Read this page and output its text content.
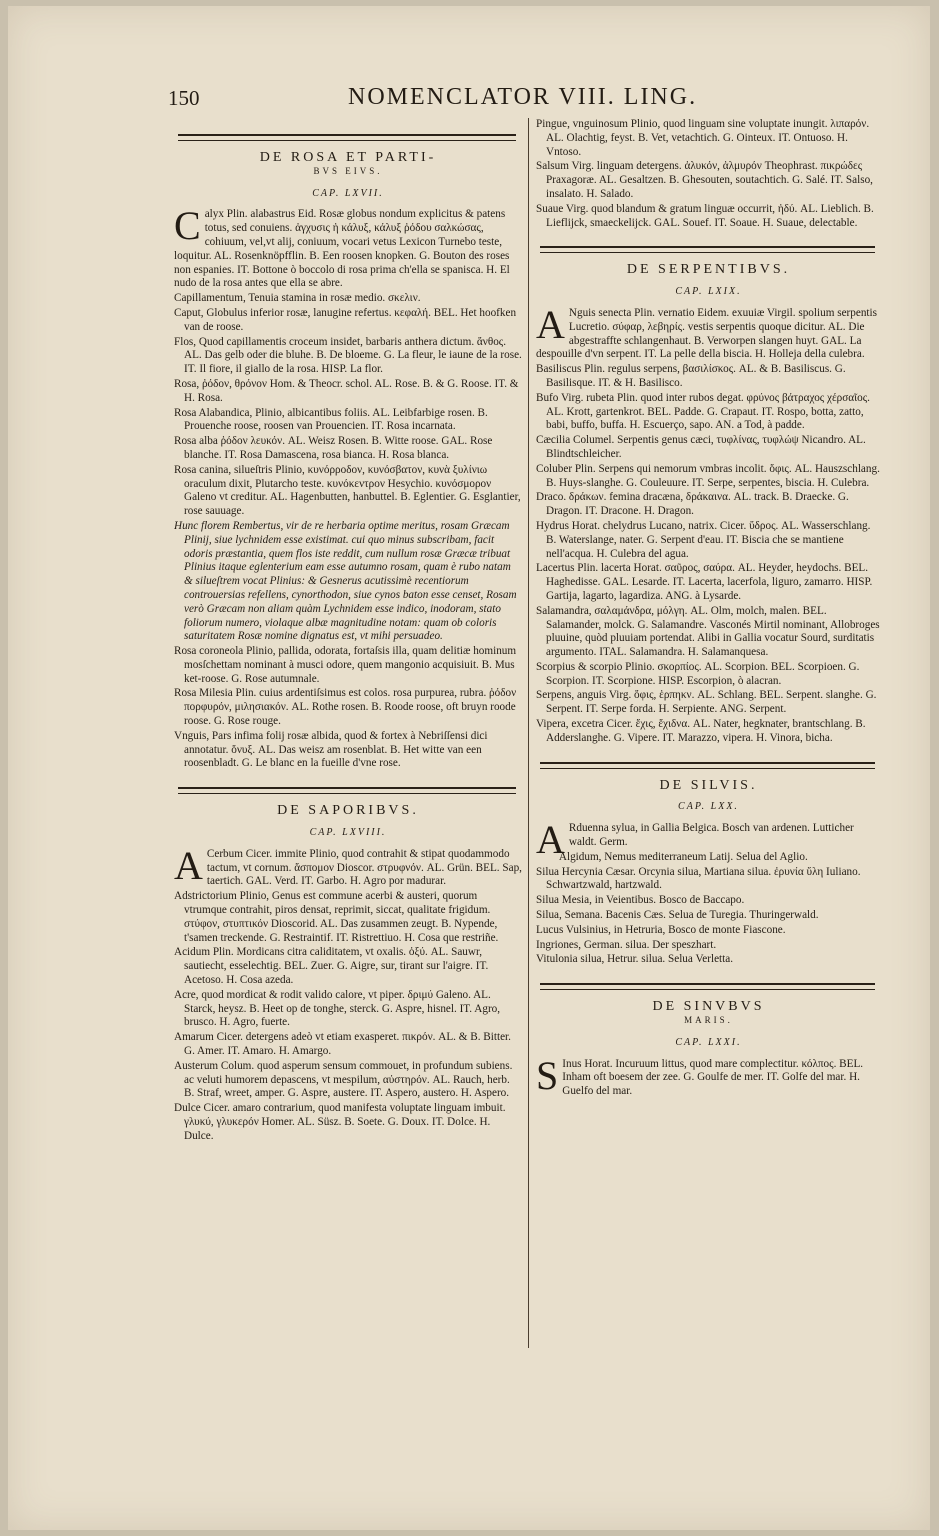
150	NOMENCLATOR VIII. LING.
DE ROSA ET PARTI-
BVS EIVS.
CAP. LXVII.
C alyx Plin. alabastrus Eid. Rosæ globus nondum explicitus & patens totus, sed conuiens. ἀγχυσις ἡ κάλυξ, κάλυξ ῥόδου σαλκώσας, cohiuum, vel,vt alij, coniuum, vocari vetus Lexicon Turnebo teste, loquitur. AL. Rosenknöpfflin. B. Een roosen knopken. G. Bouton des roses non espanies. IT. Bottone ò boccolo di rosa prima ch'ella se spanisca. H. El nudo de la rosa antes que ella se abre.
Capillamentum, Tenuia stamina in rosæ medio. σκελιν.
Caput, Globulus inferior rosæ, lanugine refertus. κεφαλή. BEL. Het hoofken van de roose.
Flos, Quod capillamentis croceum insidet, barbaris anthera dictum. ἄνθος. AL. Das gelb oder die bluhe. B. De bloeme. G. La fleur, le iaune de la rose. IT. Il fiore, il giallo de la rosa. HISP. La flor.
Rosa, ῥόδον, θρόνον Hom. & Theocr. schol. AL. Rose. B. & G. Roose. IT. & H. Rosa.
Rosa Alabandica, Plinio, albicantibus foliis. AL. Leibfarbige rosen. B. Prouenche roose, roosen van Prouencien. IT. Rosa incarnata.
Rosa alba ῥόδον λευκόν. AL. Weisz Rosen. B. Witte roose. GAL. Rose blanche. IT. Rosa Damascena, rosa bianca. H. Rosa blanca.
Rosa canina, silueſtris Plinio, κυνόρροδον, κυνόσβατον, κυνὰ ξυλίνιω oraculum dixit, Plutarcho teste. κυνόκεντρον Hesychio. κυνόσμορον Galeno vt creditur. AL. Hagenbutten, hanbuttel. B. Eglentier. G. Esglantier, rose sauuage.
Hunc florem Rembertus, vir de re herbaria optime meritus, rosam Græcam Plinij, siue lychnidem esse existimat. cui quo minus subscribam, facit odoris præstantia, quem flos iste reddit, cum nullum rosæ Græcæ tribuat Plinius itaque eglenterium eam esse autumno rosam, quam è rubo natam & silueſtrem vocat Plinius: & Gesnerus acutissimè recentiorum controuersias refellens, cynorthodon, siue cynos baton esse censet, Rosam verò Græcam non aliam quàm Lychnidem esse indico, inodoram, stato foliorum numero, violaque albæ magnitudine notam: quam ob coloris saturitatem Rosæ nomine dignatus est, vt mihi persuadeo.
Rosa coroneola Plinio, pallida, odorata, fortaſsis illa, quam delitiæ hominum mosſchettam nominant à musci odore, quem mangonio acquisiuit. B. Mus ket-roose. G. Rose autumnale.
Rosa Milesia Plin. cuius ardentiſsimus est colos. rosa purpurea, rubra. ῥόδον πορφυρόν, μιλησιακόν. AL. Rothe rosen. B. Roode roose, oft bruyn roode roose. G. Rose rouge.
Vnguis, Pars infima folij rosæ albida, quod & fortex à Nebriſſensi dici annotatur. ὄνυξ. AL. Das weisz am rosenblat. B. Het witte van een roosenbladt. G. Le blanc en la fueille d'vne rose.
DE SAPORIBVS.
CAP. LXVIII.
A Cerbum Cicer. immite Plinio, quod contrahit & stipat quodammodo tactum, vt cornum. ἄσπομον Dioscor. στρυφνόν. AL. Grün. BEL. Sap, taertich. GAL. Verd. IT. Garbo. H. Agro por madurar.
Adstrictorium Plinio, Genus est commune acerbi & austeri, quorum vtrumque contrahit, piros densat, reprimit, siccat, qualitate frigidum. στύφον, στυπτικόν Dioscorid. AL. Das zusammen zeugt. B. Nypende, t'samen treckende. G. Restraintif. IT. Ristrettiuo. H. Cosa que restriñe.
Acidum Plin. Mordicans citra caliditatem, vt oxalis. ὀξύ. AL. Sauwr, sautiecht, esselechtig. BEL. Zuer. G. Aigre, sur, tirant sur l'aigre. IT. Acetoso. H. Cosa azeda.
Acre, quod mordicat & rodit valido calore, vt piper. δριμύ Galeno. AL. Starck, heysz. B. Heet op de tonghe, sterck. G. Aspre, hisnel. IT. Agro, brusco. H. Agro, fuerte.
Amarum Cicer. detergens adeò vt etiam exasperet. πικρόν. AL. & B. Bitter. G. Amer. IT. Amaro. H. Amargo.
Austerum Colum. quod asperum sensum commouet, in profundum subiens. ac veluti humorem depascens, vt mespilum, αὐστηρόν. AL. Rauch, herb. B. Straf, wreet, amper. G. Aspre, austere. IT. Aspero, austero. H. Aspero.
Dulce Cicer. amaro contrarium, quod manifesta voluptate linguam imbuit. γλυκύ, γλυκερόν Homer. AL. Süsz. B. Soete. G. Doux. IT. Dolce. H. Dulce.
Pingue, vnguinosum Plinio, quod linguam sine voluptate inungit. λιπαρόν. AL. Olachtig, feyst. B. Vet, vetachtich. G. Ointeux. IT. Ontuoso. H. Vntoso.
Salsum Virg. linguam detergens. ἁλυκόν, ἁλμυρόν Theophrast. πικρώδες Praxagoræ. AL. Gesaltzen. B. Ghesouten, soutachtich. G. Salé. IT. Salso, insalato. H. Salado.
Suaue Virg. quod blandum & gratum linguæ occurrit, ἡδύ. AL. Lieblich. B. Lieflijck, smaeckelijck. GAL. Souef. IT. Soaue. H. Suaue, delectable.
DE SERPENTIBVS.
CAP. LXIX.
A Nguis senecta Plin. vernatio Eidem. exuuiæ Virgil. spolium serpentis Lucretio. σύφαρ, λεβηρίς. vestis serpentis quoque dicitur. AL. Die abgestraffte schlangenhaut. B. Verworpen slangen huyt. GAL. La despouille d'vn serpent. IT. La pelle della biscia. H. Holleja della culebra.
Basiliscus Plin. regulus serpens, βασιλίσκος. AL. & B. Basiliscus. G. Basilisque. IT. & H. Basilisco.
Bufo Virg. rubeta Plin. quod inter rubos degat. φρύνος βάτραχος χέρσαῖος. AL. Krott, gartenkrot. BEL. Padde. G. Crapaut. IT. Rospo, botta, zatto, babi, buffo, buffa. H. Escuerço, sapo. AN. a Tod, à padde.
Cæcilia Columel. Serpentis genus cæci, τυφλίνας, τυφλώψ Nicandro. AL. Blindtschleicher.
Coluber Plin. Serpens qui nemorum vmbras incolit. ὄφις. AL. Hauszschlang. B. Huys-slanghe. G. Couleuure. IT. Serpe, serpentes, biscia. H. Culebra.
Draco. δράκων. femina dracæna, δράκαινα. AL. track. B. Draecke. G. Dragon. IT. Dracone. H. Dragon.
Hydrus Horat. chelydrus Lucano, natrix. Cicer. ὕδρος. AL. Wasserschlang. B. Waterslange, nater. G. Serpent d'eau. IT. Biscia che se mantiene nell'acqua. H. Culebra del agua.
Lacertus Plin. lacerta Horat. σαῦρος, σαύρα. AL. Heyder, heydochs. BEL. Haghedisse. GAL. Lesarde. IT. Lacerta, lacerfola, liguro, zamarro. HISP. Gartija, lagarto, lagardiza. ANG. à Lysarde.
Salamandra, σαλαμάνδρα, μόλγη. AL. Olm, molch, malen. BEL. Salamander, molck. G. Salamandre. Vasconés Mirtil nominant, Allobroges pluuine, quòd pluuiam portendat. Alibi in Gallia vocatur Sourd, surditatis argumento. ITAL. Salamandra. H. Salamanquesa.
Scorpius & scorpio Plinio. σκορπίος. AL. Scorpion. BEL. Scorpioen. G. Scorpion. IT. Scorpione. HISP. Escorpion, ò alacran.
Serpens, anguis Virg. ὄφις, ἑρπηκν. AL. Schlang. BEL. Serpent. slanghe. G. Serpent. IT. Serpe forda. H. Serpiente. ANG. Serpent.
Vipera, excetra Cicer. ἔχις, ἔχιδνα. AL. Nater, hegknater, brantschlang. B. Adderslanghe. G. Vipere. IT. Marazzo, vipera. H. Vinora, bicha.
DE SILVIS.
CAP. LXX.
A Rduenna sylua, in Gallia Belgica. Bosch van ardenen. Lutticher waldt. Germ.
Algidum, Nemus mediterraneum Latij. Selua del Aglio.
Silua Hercynia Cæsar. Orcynia silua, Martiana silua. ἐρυνία ὕλη Iuliano. Schwartzwald, hartzwald.
Silua Mesia, in Veientibus. Bosco de Baccapo.
Silua, Semana. Bacenis Cæs. Selua de Turegia. Thuringerwald.
Lucus Vulsinius, in Hetruria, Bosco de monte Fiascone.
Ingriones, German. silua. Der speszhart.
Vitulonia silua, Hetrur. silua. Selua Verletta.
DE SINVBVS
MARIS.
CAP. LXXI.
S Inus Horat. Incuruum littus, quod mare complectitur. κόλπος. BEL. Inham oft boesem der zee. G. Goulfe de mer. IT. Golfe del mar. H. Guelfo del mar.
